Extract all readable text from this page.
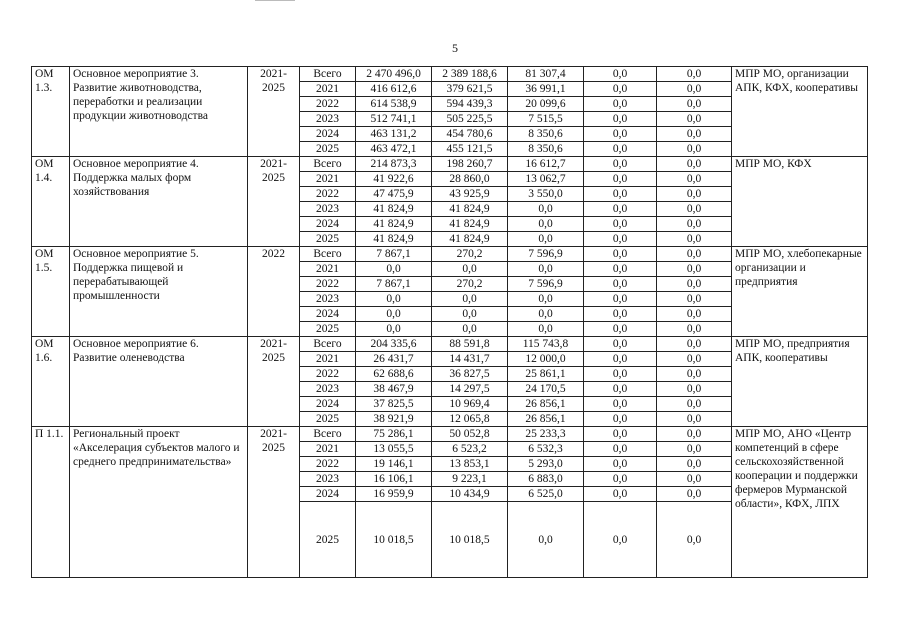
5
ОМ 1.3.	Основное мероприятие 3. Развитие животноводства, переработки и реализации продукции животноводства	2021-2025	Всего	2 470 496,0	2 389 188,6	81 307,4	0,0	0,0	МПР МО, организации АПК, КФХ, кооперативы
			2021	416 612,6	379 621,5	36 991,1	0,0	0,0	
			2022	614 538,9	594 439,3	20 099,6	0,0	0,0	
			2023	512 741,1	505 225,5	7 515,5	0,0	0,0	
			2024	463 131,2	454 780,6	8 350,6	0,0	0,0	
			2025	463 472,1	455 121,5	8 350,6	0,0	0,0	
ОМ 1.4.	Основное мероприятие 4. Поддержка малых форм хозяйствования	2021-2025	Всего	214 873,3	198 260,7	16 612,7	0,0	0,0	МПР МО, КФХ
			2021	41 922,6	28 860,0	13 062,7	0,0	0,0	
			2022	47 475,9	43 925,9	3 550,0	0,0	0,0	
			2023	41 824,9	41 824,9	0,0	0,0	0,0	
			2024	41 824,9	41 824,9	0,0	0,0	0,0	
			2025	41 824,9	41 824,9	0,0	0,0	0,0	
ОМ 1.5.	Основное мероприятие 5. Поддержка пищевой и перерабатывающей промышленности	2022	Всего	7 867,1	270,2	7 596,9	0,0	0,0	МПР МО, хлебопекарные организации и предприятия
			2021	0,0	0,0	0,0	0,0	0,0	
			2022	7 867,1	270,2	7 596,9	0,0	0,0	
			2023	0,0	0,0	0,0	0,0	0,0	
			2024	0,0	0,0	0,0	0,0	0,0	
			2025	0,0	0,0	0,0	0,0	0,0	
ОМ 1.6.	Основное мероприятие 6. Развитие оленеводства	2021-2025	Всего	204 335,6	88 591,8	115 743,8	0,0	0,0	МПР МО, предприятия АПК, кооперативы
			2021	26 431,7	14 431,7	12 000,0	0,0	0,0	
			2022	62 688,6	36 827,5	25 861,1	0,0	0,0	
			2023	38 467,9	14 297,5	24 170,5	0,0	0,0	
			2024	37 825,5	10 969,4	26 856,1	0,0	0,0	
			2025	38 921,9	12 065,8	26 856,1	0,0	0,0	
П 1.1.	Региональный проект «Акселерация субъектов малого и среднего предпринимательства»	2021-2025	Всего	75 286,1	50 052,8	25 233,3	0,0	0,0	МПР МО, АНО «Центр компетенций в сфере сельскохозяйственной кооперации и поддержки фермеров Мурманской области», КФХ, ЛПХ
			2021	13 055,5	6 523,2	6 532,3	0,0	0,0	
			2022	19 146,1	13 853,1	5 293,0	0,0	0,0	
			2023	16 106,1	9 223,1	6 883,0	0,0	0,0	
			2024	16 959,9	10 434,9	6 525,0	0,0	0,0	
			2025	10 018,5	10 018,5	0,0	0,0	0,0	
